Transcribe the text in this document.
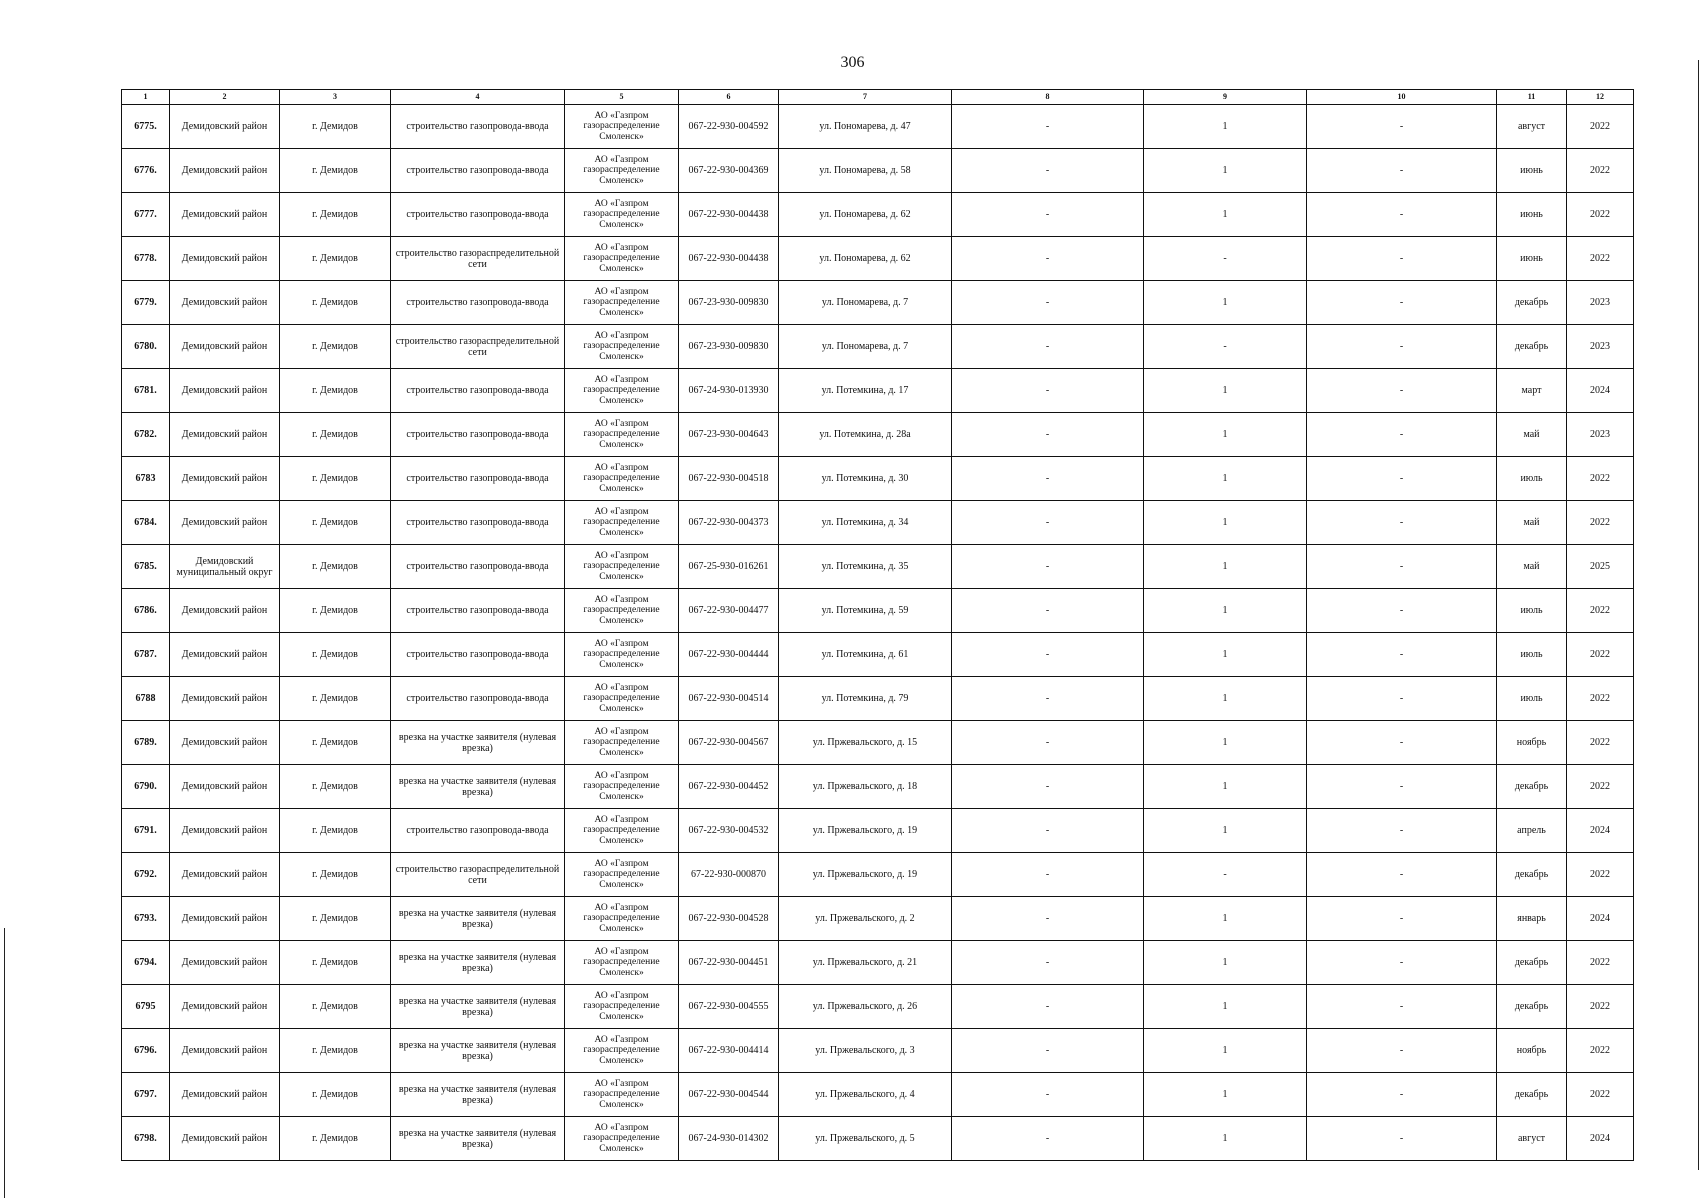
306
1	2	3	4	5	6	7	8	9	10	11	12
6775.	Демидовский район	г. Демидов	строительство газопровода-ввода	АО «Газпром газораспределение Смоленск»	067-22-930-004592	ул. Пономарева, д. 47	-	1	-	август	2022
6776.	Демидовский район	г. Демидов	строительство газопровода-ввода	АО «Газпром газораспределение Смоленск»	067-22-930-004369	ул. Пономарева, д. 58	-	1	-	июнь	2022
6777.	Демидовский район	г. Демидов	строительство газопровода-ввода	АО «Газпром газораспределение Смоленск»	067-22-930-004438	ул. Пономарева, д. 62	-	1	-	июнь	2022
6778.	Демидовский район	г. Демидов	строительство газораспределительной сети	АО «Газпром газораспределение Смоленск»	067-22-930-004438	ул. Пономарева, д. 62	-	-	-	июнь	2022
6779.	Демидовский район	г. Демидов	строительство газопровода-ввода	АО «Газпром газораспределение Смоленск»	067-23-930-009830	ул. Пономарева, д. 7	-	1	-	декабрь	2023
6780.	Демидовский район	г. Демидов	строительство газораспределительной сети	АО «Газпром газораспределение Смоленск»	067-23-930-009830	ул. Пономарева, д. 7	-	-	-	декабрь	2023
6781.	Демидовский район	г. Демидов	строительство газопровода-ввода	АО «Газпром газораспределение Смоленск»	067-24-930-013930	ул. Потемкина, д. 17	-	1	-	март	2024
6782.	Демидовский район	г. Демидов	строительство газопровода-ввода	АО «Газпром газораспределение Смоленск»	067-23-930-004643	ул. Потемкина, д. 28а	-	1	-	май	2023
6783	Демидовский район	г. Демидов	строительство газопровода-ввода	АО «Газпром газораспределение Смоленск»	067-22-930-004518	ул. Потемкина, д. 30	-	1	-	июль	2022
6784.	Демидовский район	г. Демидов	строительство газопровода-ввода	АО «Газпром газораспределение Смоленск»	067-22-930-004373	ул. Потемкина, д. 34	-	1	-	май	2022
6785.	Демидовский муниципальный округ	г. Демидов	строительство газопровода-ввода	АО «Газпром газораспределение Смоленск»	067-25-930-016261	ул. Потемкина, д. 35	-	1	-	май	2025
6786.	Демидовский район	г. Демидов	строительство газопровода-ввода	АО «Газпром газораспределение Смоленск»	067-22-930-004477	ул. Потемкина, д. 59	-	1	-	июль	2022
6787.	Демидовский район	г. Демидов	строительство газопровода-ввода	АО «Газпром газораспределение Смоленск»	067-22-930-004444	ул. Потемкина, д. 61	-	1	-	июль	2022
6788	Демидовский район	г. Демидов	строительство газопровода-ввода	АО «Газпром газораспределение Смоленск»	067-22-930-004514	ул. Потемкина, д. 79	-	1	-	июль	2022
6789.	Демидовский район	г. Демидов	врезка на участке заявителя (нулевая врезка)	АО «Газпром газораспределение Смоленск»	067-22-930-004567	ул. Пржевальского, д. 15	-	1	-	ноябрь	2022
6790.	Демидовский район	г. Демидов	врезка на участке заявителя (нулевая врезка)	АО «Газпром газораспределение Смоленск»	067-22-930-004452	ул. Пржевальского, д. 18	-	1	-	декабрь	2022
6791.	Демидовский район	г. Демидов	строительство газопровода-ввода	АО «Газпром газораспределение Смоленск»	067-22-930-004532	ул. Пржевальского, д. 19	-	1	-	апрель	2024
6792.	Демидовский район	г. Демидов	строительство газораспределительной сети	АО «Газпром газораспределение Смоленск»	67-22-930-000870	ул. Пржевальского, д. 19	-	-	-	декабрь	2022
6793.	Демидовский район	г. Демидов	врезка на участке заявителя (нулевая врезка)	АО «Газпром газораспределение Смоленск»	067-22-930-004528	ул. Пржевальского, д. 2	-	1	-	январь	2024
6794.	Демидовский район	г. Демидов	врезка на участке заявителя (нулевая врезка)	АО «Газпром газораспределение Смоленск»	067-22-930-004451	ул. Пржевальского, д. 21	-	1	-	декабрь	2022
6795	Демидовский район	г. Демидов	врезка на участке заявителя (нулевая врезка)	АО «Газпром газораспределение Смоленск»	067-22-930-004555	ул. Пржевальского, д. 26	-	1	-	декабрь	2022
6796.	Демидовский район	г. Демидов	врезка на участке заявителя (нулевая врезка)	АО «Газпром газораспределение Смоленск»	067-22-930-004414	ул. Пржевальского, д. 3	-	1	-	ноябрь	2022
6797.	Демидовский район	г. Демидов	врезка на участке заявителя (нулевая врезка)	АО «Газпром газораспределение Смоленск»	067-22-930-004544	ул. Пржевальского, д. 4	-	1	-	декабрь	2022
6798.	Демидовский район	г. Демидов	врезка на участке заявителя (нулевая врезка)	АО «Газпром газораспределение Смоленск»	067-24-930-014302	ул. Пржевальского, д. 5	-	1	-	август	2024
